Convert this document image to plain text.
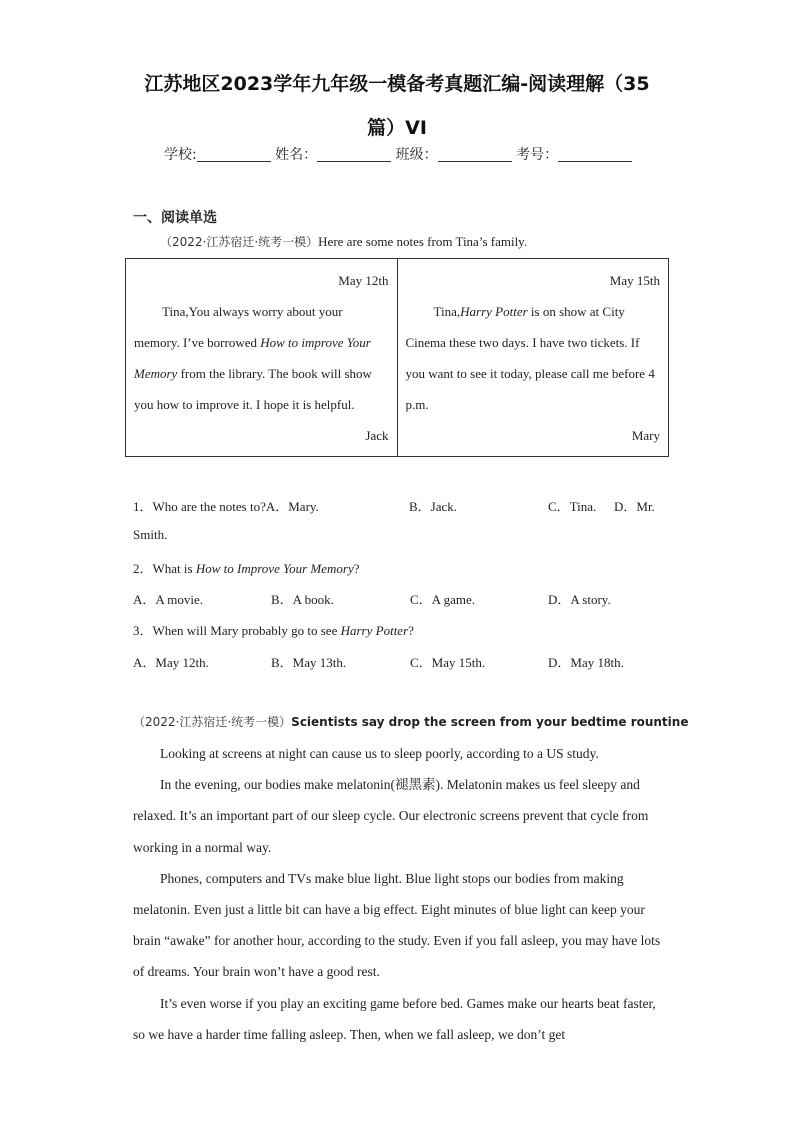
江苏地区2023学年九年级一模备考真题汇编-阅读理解（35
篇）VI
学校:	姓名：	班级：	考号：
一、阅读单选
（2022·江苏宿迁·统考一模）Here are some notes from Tina’s family.
May 12th
Tina,You always worry about your memory. I’ve borrowed How to improve Your Memory from the library. The book will show you how to improve it. I hope it is helpful.
Jack

May 15th
Tina,Harry Potter is on show at City Cinema these two days. I have two tickets. If you want to see it today, please call me before 4 p.m.
Mary
1．Who are the notes to?A．Mary.	B．Jack.	C．Tina. D．Mr.
Smith.
2．What is How to Improve Your Memory?
A．A movie.	B．A book.	C．A game.	D．A story.
3．When will Mary probably go to see Harry Potter?
A．May 12th.	B．May 13th.	C．May 15th.	D．May 18th.
（2022·江苏宿迁·统考一模）Scientists say drop the screen from your bedtime rountine
Looking at screens at night can cause us to sleep poorly, according to a US study.
In the evening, our bodies make melatonin(褪黑素). Melatonin makes us feel sleepy and relaxed. It’s an important part of our sleep cycle. Our electronic screens prevent that cycle from working in a normal way.
Phones, computers and TVs make blue light. Blue light stops our bodies from making melatonin. Even just a little bit can have a big effect. Eight minutes of blue light can keep your brain “awake” for another hour, according to the study. Even if you fall asleep, you may have lots of dreams. Your brain won’t have a good rest.
It’s even worse if you play an exciting game before bed. Games make our hearts beat faster, so we have a harder time falling asleep. Then, when we fall asleep, we don’t get
